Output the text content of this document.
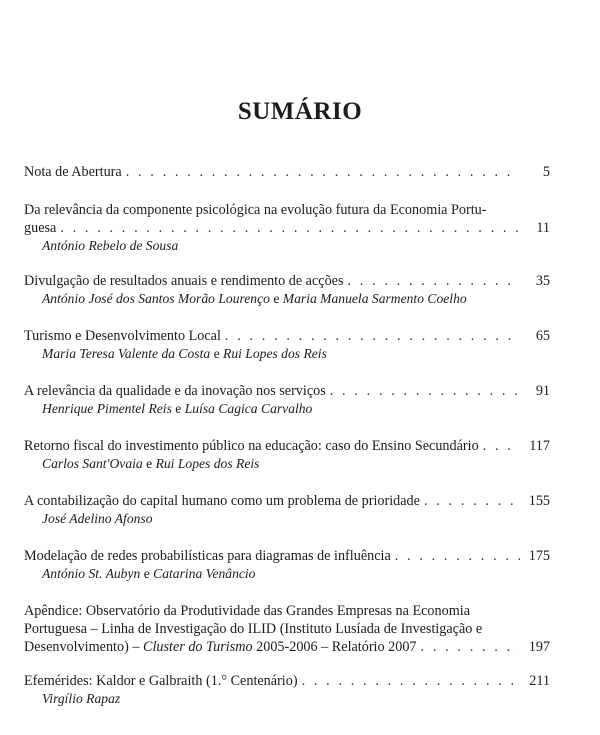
SUMÁRIO
Nota de Abertura . . .	5
Da relevância da componente psicológica na evolução futura da Economia Portu-
guesa . . .	11
António Rebelo de Sousa
Divulgação de resultados anuais e rendimento de acções . . .	35
António José dos Santos Morão Lourenço e Maria Manuela Sarmento Coelho
Turismo e Desenvolvimento Local . . .	65
Maria Teresa Valente da Costa e Rui Lopes dos Reis
A relevância da qualidade e da inovação nos serviços . . .	91
Henrique Pimentel Reis e Luísa Cagica Carvalho
Retorno fiscal do investimento público na educação: caso do Ensino Secundário . . .	117
Carlos Sant'Ovaia e Rui Lopes dos Reis
A contabilização do capital humano como um problema de prioridade . . .	155
José Adelino Afonso
Modelação de redes probabilísticas para diagramas de influência . . .	175
António St. Aubyn e Catarina Venâncio
Apêndice: Observatório da Produtividade das Grandes Empresas na Economia
Portuguesa – Linha de Investigação do ILID (Instituto Lusíada de Investigação e
Desenvolvimento) – Cluster do Turismo 2005-2006 – Relatório 2007 . . .	197
Efemérides: Kaldor e Galbraith (1.° Centenário) . . .	211
Virgílio Rapaz
